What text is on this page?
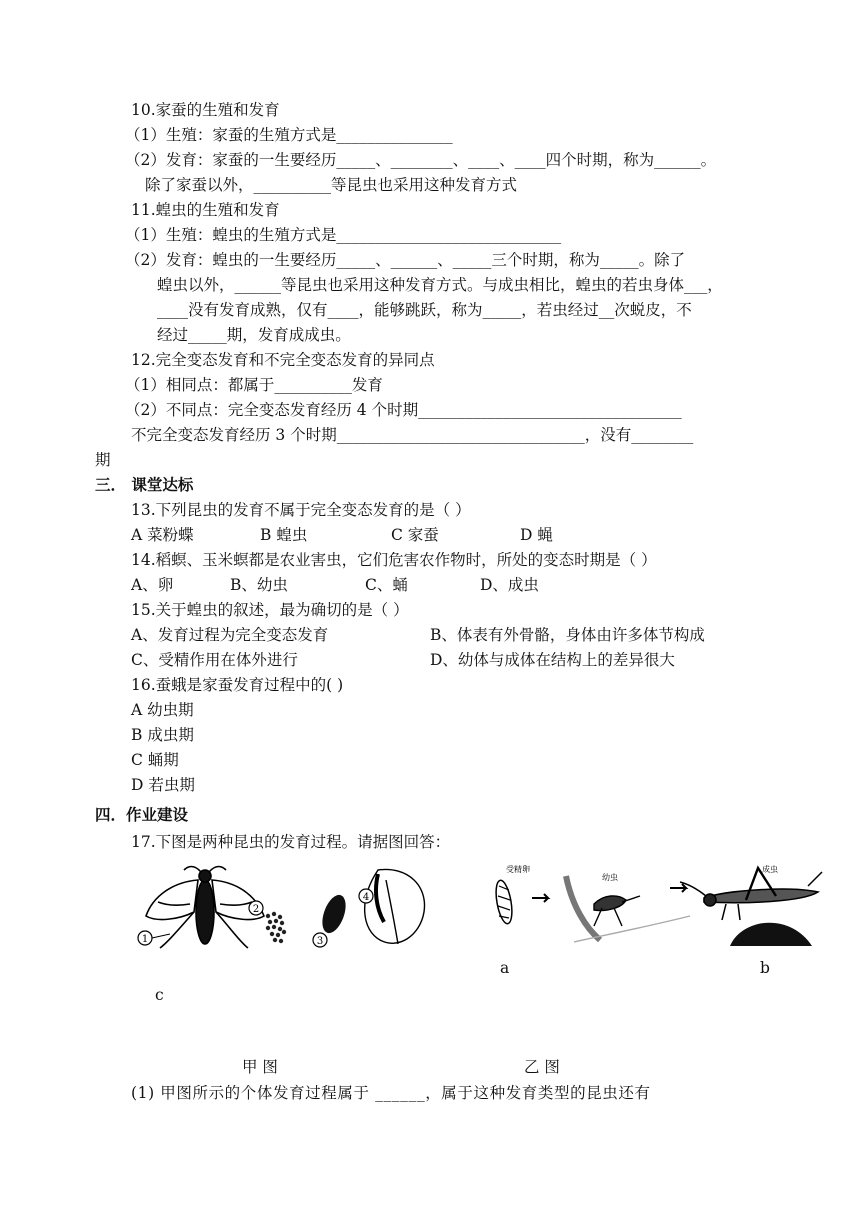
10.家蚕的生殖和发育
（1）生殖：家蚕的生殖方式是_______________
（2）发育：家蚕的一生要经历_____、________、____、____四个时期，称为______。
除了家蚕以外，__________等昆虫也采用这种发育方式
11.蝗虫的生殖和发育
（1）生殖：蝗虫的生殖方式是_____________________________
（2）发育：蝗虫的一生要经历_____、______、_____三个时期，称为_____。除了
蝗虫以外，______等昆虫也采用这种发育方式。与成虫相比，蝗虫的若虫身体___，
____没有发育成熟，仅有____，能够跳跃，称为_____，若虫经过__次蜕皮，不
经过_____期，发育成成虫。
12.完全变态发育和不完全变态发育的异同点
（1）相同点：都属于__________发育
（2）不同点：完全变态发育经历 4 个时期__________________________________
不完全变态发育经历 3 个时期________________________________，没有________
期
三． 课堂达标
13.下列昆虫的发育不属于完全变态发育的是（ ）
A 菜粉蝶	B 蝗虫	C 家蚕	D 蝇
14.稻螟、玉米螟都是农业害虫，它们危害农作物时，所处的变态时期是（ ）
A、卵	B、幼虫	C、蛹	D、成虫
15.关于蝗虫的叙述，最为确切的是（ ）
A、发育过程为完全变态发育	B、体表有外骨骼，身体由许多体节构成
C、受精作用在体外进行	D、幼体与成体在结构上的差异很大
16.蚕蛾是家蚕发育过程中的( )
A 幼虫期
B 成虫期
C 蛹期
D 若虫期
四．作业建设
17.下图是两种昆虫的发育过程。请据图回答：
1
2
3
4
受精卵
幼虫
成虫
a	b
c
甲 图	乙 图
(1) 甲图所示的个体发育过程属于 ______，属于这种发育类型的昆虫还有
